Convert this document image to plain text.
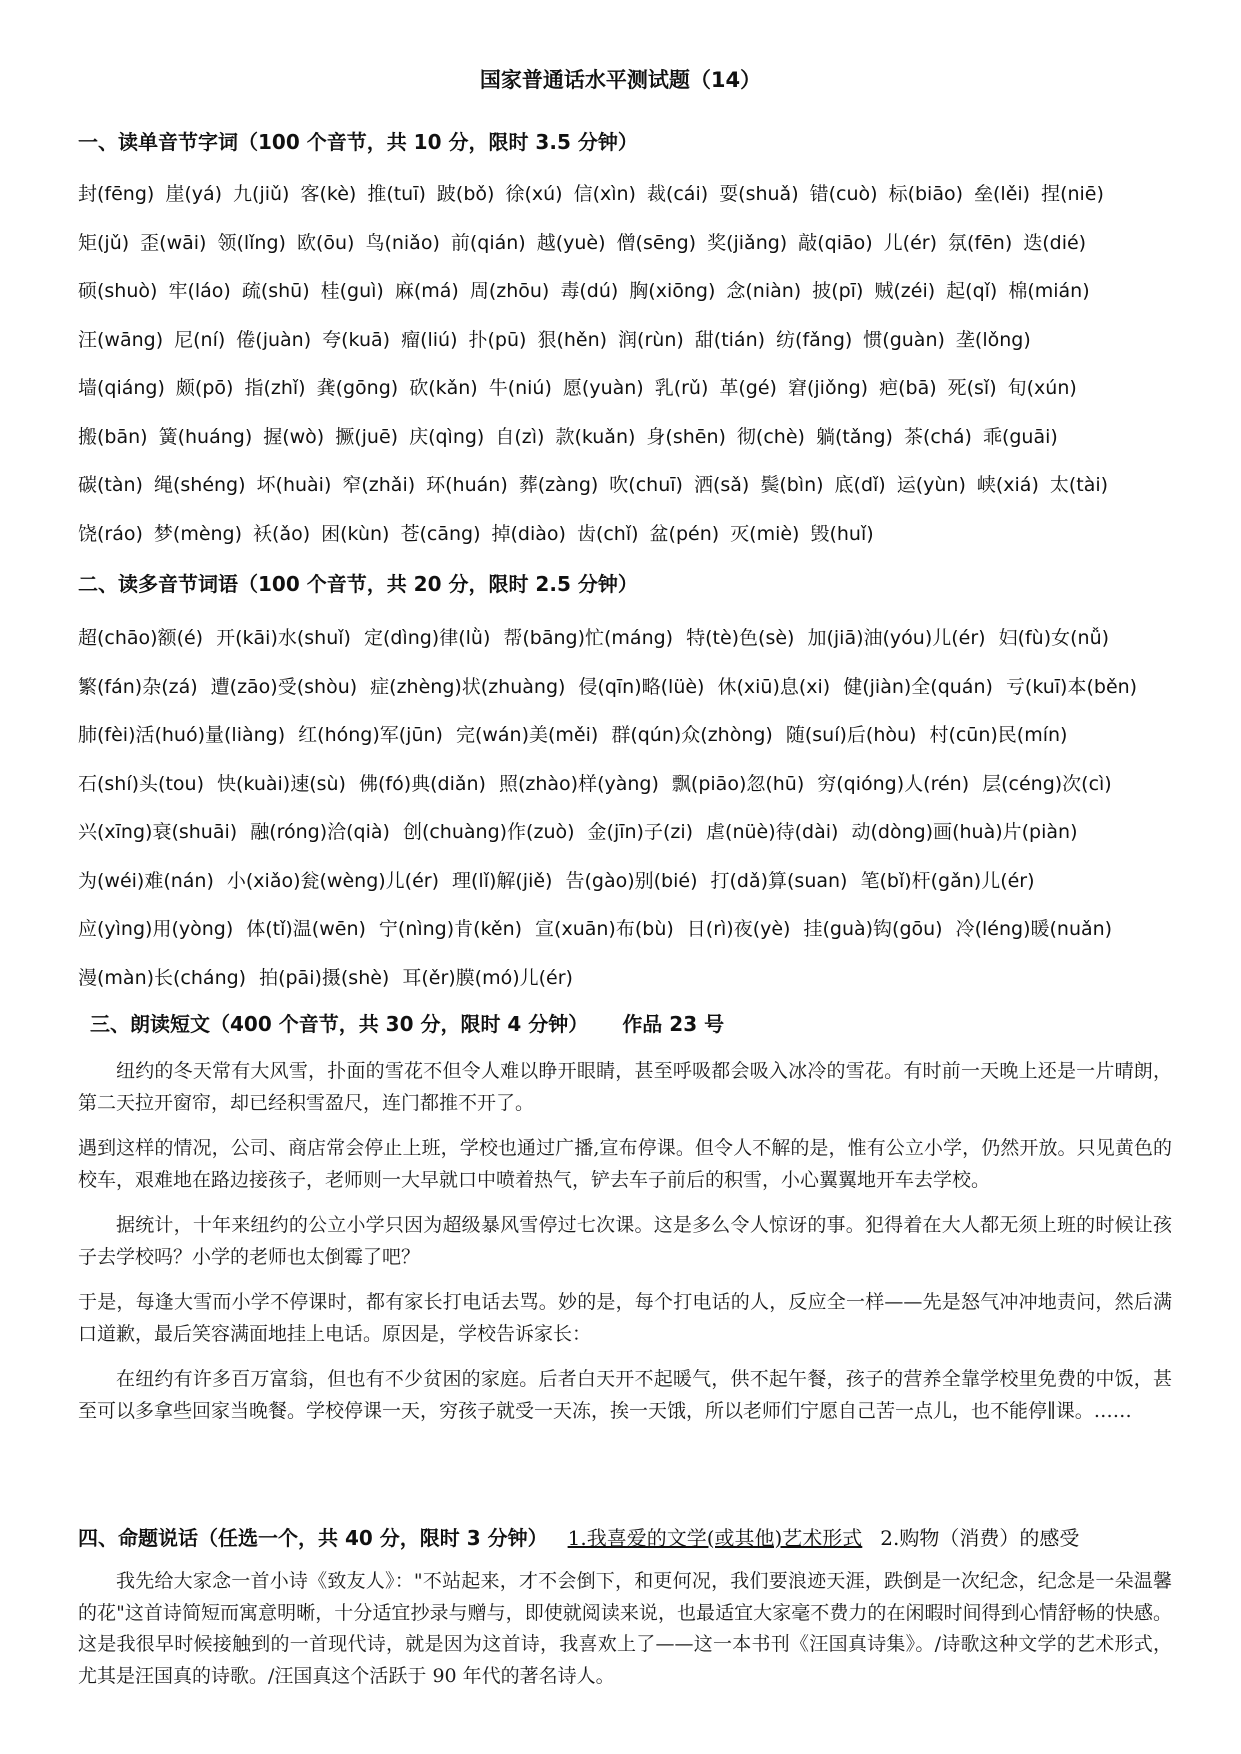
国家普通话水平测试题（14）
一、读单音节字词（100 个音节，共 10 分，限时 3.5 分钟）
封(fēng) 崖(yá) 九(jiǔ) 客(kè) 推(tuī) 跛(bǒ) 徐(xú) 信(xìn) 裁(cái) 耍(shuǎ) 错(cuò) 标(biāo) 垒(lěi) 捏(niē)
矩(jǔ) 歪(wāi) 领(lǐng) 欧(ōu) 鸟(niǎo) 前(qián) 越(yuè) 僧(sēng) 奖(jiǎng) 敲(qiāo) 儿(ér) 氛(fēn) 迭(dié)
硕(shuò) 牢(láo) 疏(shū) 桂(guì) 麻(má) 周(zhōu) 毒(dú) 胸(xiōng) 念(niàn) 披(pī) 贼(zéi) 起(qǐ) 棉(mián)
汪(wāng) 尼(ní) 倦(juàn) 夸(kuā) 瘤(liú) 扑(pū) 狠(hěn) 润(rùn) 甜(tián) 纺(fǎng) 惯(guàn) 垄(lǒng)
墙(qiáng) 颇(pō) 指(zhǐ) 龚(gōng) 砍(kǎn) 牛(niú) 愿(yuàn) 乳(rǔ) 革(gé) 窘(jiǒng) 疤(bā) 死(sǐ) 旬(xún)
搬(bān) 簧(huáng) 握(wò) 撅(juē) 庆(qìng) 自(zì) 款(kuǎn) 身(shēn) 彻(chè) 躺(tǎng) 茶(chá) 乖(guāi)
碳(tàn) 绳(shéng) 坏(huài) 窄(zhǎi) 环(huán) 葬(zàng) 吹(chuī) 洒(sǎ) 鬓(bìn) 底(dǐ) 运(yùn) 峡(xiá) 太(tài)
饶(ráo) 梦(mèng) 袄(ǎo) 困(kùn) 苍(cāng) 掉(diào) 齿(chǐ) 盆(pén) 灭(miè) 毁(huǐ)
二、读多音节词语（100 个音节，共 20 分，限时 2.5 分钟）
超(chāo)额(é) 开(kāi)水(shuǐ) 定(dìng)律(lǜ) 帮(bāng)忙(máng) 特(tè)色(sè) 加(jiā)油(yóu)儿(ér) 妇(fù)女(nǚ)
繁(fán)杂(zá) 遭(zāo)受(shòu) 症(zhèng)状(zhuàng) 侵(qīn)略(lüè) 休(xiū)息(xi) 健(jiàn)全(quán) 亏(kuī)本(běn)
肺(fèi)活(huó)量(liàng) 红(hóng)军(jūn) 完(wán)美(měi) 群(qún)众(zhòng) 随(suí)后(hòu) 村(cūn)民(mín)
石(shí)头(tou) 快(kuài)速(sù) 佛(fó)典(diǎn) 照(zhào)样(yàng) 飘(piāo)忽(hū) 穷(qióng)人(rén) 层(céng)次(cì)
兴(xīng)衰(shuāi) 融(róng)洽(qià) 创(chuàng)作(zuò) 金(jīn)子(zi) 虐(nüè)待(dài) 动(dòng)画(huà)片(piàn)
为(wéi)难(nán) 小(xiǎo)瓮(wèng)儿(ér) 理(lǐ)解(jiě) 告(gào)别(bié) 打(dǎ)算(suan) 笔(bǐ)杆(gǎn)儿(ér)
应(yìng)用(yòng) 体(tǐ)温(wēn) 宁(nìng)肯(kěn) 宣(xuān)布(bù) 日(rì)夜(yè) 挂(guà)钩(gōu) 冷(léng)暖(nuǎn)
漫(màn)长(cháng) 拍(pāi)摄(shè) 耳(ěr)膜(mó)儿(ér)
三、朗读短文（400 个音节，共 30 分，限时 4 分钟） 作品 23 号

纽约的冬天常有大风雪，扑面的雪花不但令人难以睁开眼睛，甚至呼吸都会吸入冰冷的雪花。有时前一天晚上还是一片晴朗，第二天拉开窗帘，却已经积雪盈尺，连门都推不开了。

遇到这样的情况，公司、商店常会停止上班，学校也通过广播,宣布停课。但令人不解的是，惟有公立小学，仍然开放。只见黄色的校车，艰难地在路边接孩子，老师则一大早就口中喷着热气，铲去车子前后的积雪，小心翼翼地开车去学校。

据统计，十年来纽约的公立小学只因为超级暴风雪停过七次课。这是多么令人惊讶的事。犯得着在大人都无须上班的时候让孩子去学校吗？小学的老师也太倒霉了吧？

于是，每逢大雪而小学不停课时，都有家长打电话去骂。妙的是，每个打电话的人，反应全一样——先是怒气冲冲地责问，然后满口道歉，最后笑容满面地挂上电话。原因是，学校告诉家长：

在纽约有许多百万富翁，但也有不少贫困的家庭。后者白天开不起暖气，供不起午餐，孩子的营养全靠学校里免费的中饭，甚至可以多拿些回家当晚餐。学校停课一天，穷孩子就受一天冻，挨一天饿，所以老师们宁愿自己苦一点儿，也不能停∥课。……

四、命题说话（任选一个，共 40 分，限时 3 分钟） 1.我喜爱的文学(或其他)艺术形式 2.购物（消费）的感受

我先给大家念一首小诗《致友人》："不站起来，才不会倒下，和更何况，我们要浪迹天涯，跌倒是一次纪念，纪念是一朵温馨的花"这首诗简短而寓意明晰，十分适宜抄录与赠与，即使就阅读来说，也最适宜大家毫不费力的在闲暇时间得到心情舒畅的快感。这是我很早时候接触到的一首现代诗，就是因为这首诗，我喜欢上了——这一本书刊《汪国真诗集》。/诗歌这种文学的艺术形式，尤其是汪国真的诗歌。/汪国真这个活跃于 90 年代的著名诗人。
